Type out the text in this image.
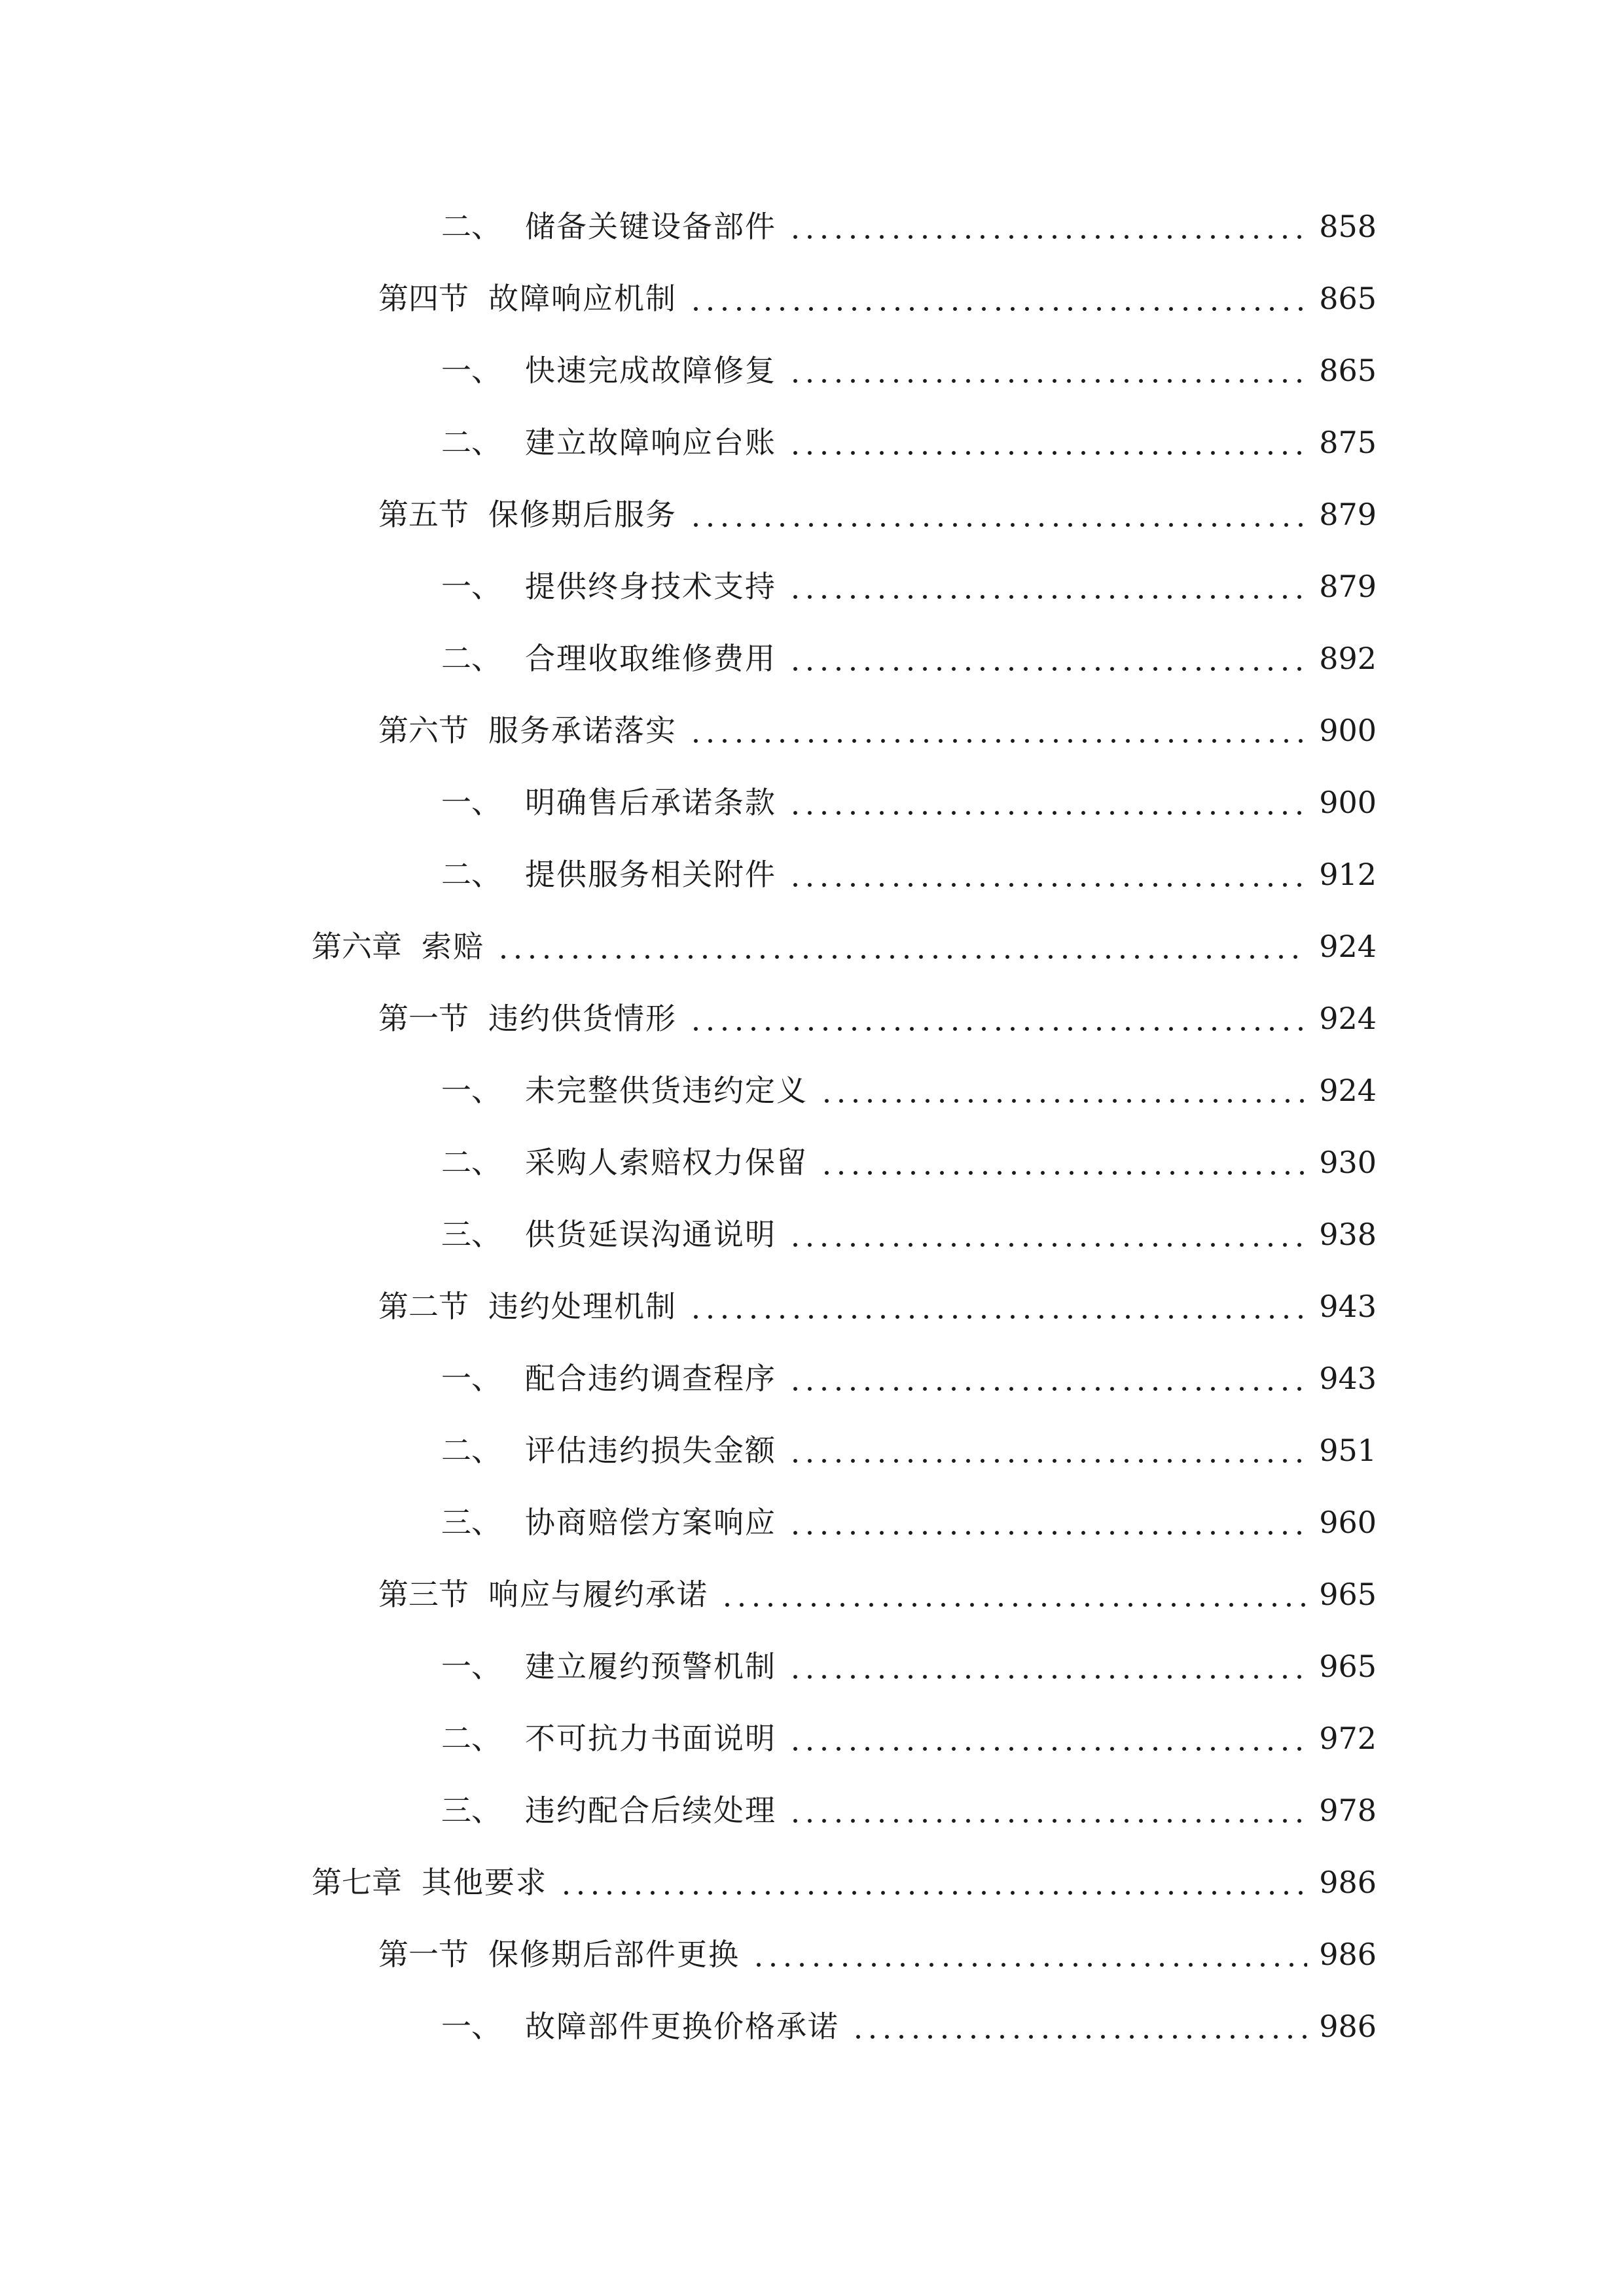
二、 储备关键设备部件	858
第四节 故障响应机制	865
一、 快速完成故障修复	865
二、 建立故障响应台账	875
第五节 保修期后服务	879
一、 提供终身技术支持	879
二、 合理收取维修费用	892
第六节 服务承诺落实	900
一、 明确售后承诺条款	900
二、 提供服务相关附件	912
第六章 索赔	924
第一节 违约供货情形	924
一、 未完整供货违约定义	924
二、 采购人索赔权力保留	930
三、 供货延误沟通说明	938
第二节 违约处理机制	943
一、 配合违约调查程序	943
二、 评估违约损失金额	951
三、 协商赔偿方案响应	960
第三节 响应与履约承诺	965
一、 建立履约预警机制	965
二、 不可抗力书面说明	972
三、 违约配合后续处理	978
第七章 其他要求	986
第一节 保修期后部件更换	986
一、 故障部件更换价格承诺	986
